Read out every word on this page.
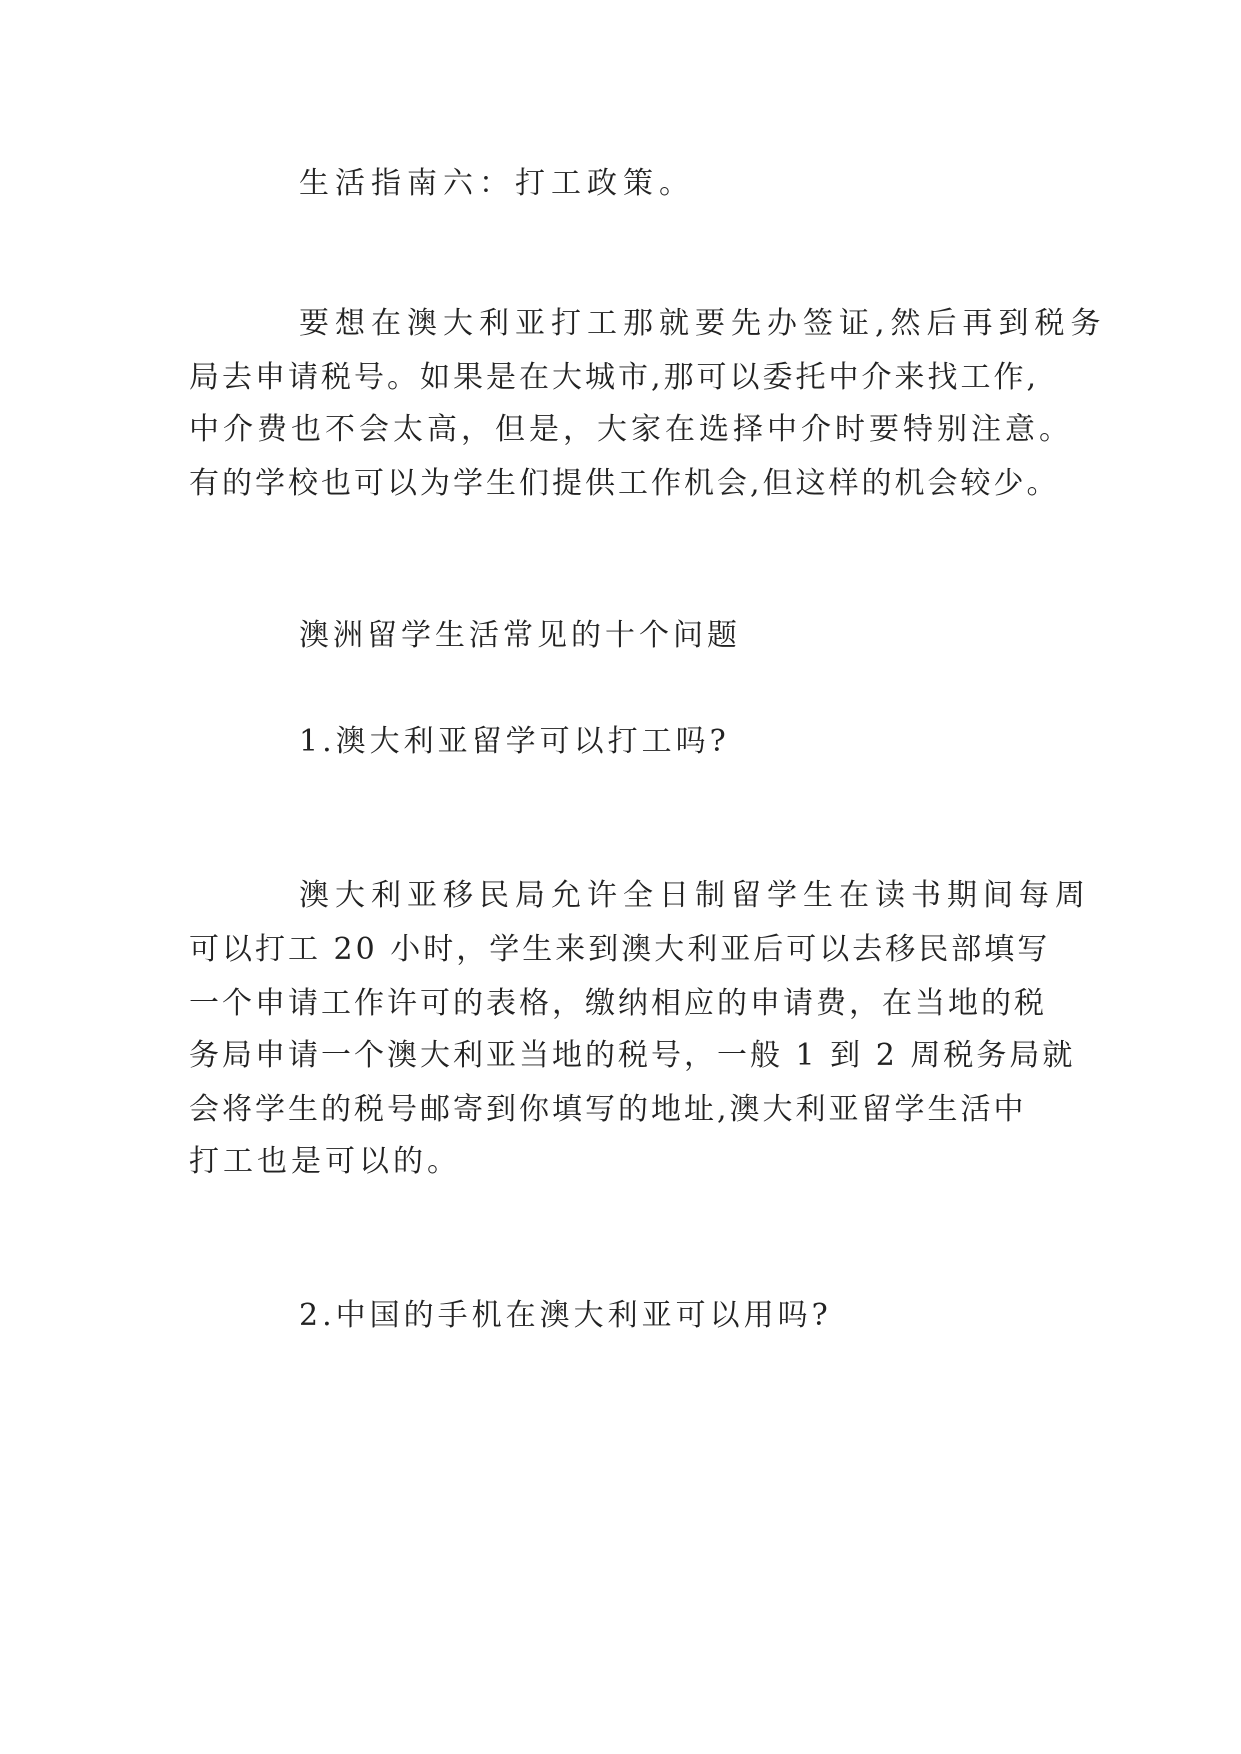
生活指南六：打工政策。
要想在澳大利亚打工那就要先办签证,然后再到税务
局去申请税号。如果是在大城市,那可以委托中介来找工作,
中介费也不会太高，但是，大家在选择中介时要特别注意。
有的学校也可以为学生们提供工作机会,但这样的机会较少。
澳洲留学生活常见的十个问题
1.澳大利亚留学可以打工吗?
澳大利亚移民局允许全日制留学生在读书期间每周
可以打工 20 小时，学生来到澳大利亚后可以去移民部填写
一个申请工作许可的表格，缴纳相应的申请费，在当地的税
务局申请一个澳大利亚当地的税号，一般 1 到 2 周税务局就
会将学生的税号邮寄到你填写的地址,澳大利亚留学生活中
打工也是可以的。
2.中国的手机在澳大利亚可以用吗?
